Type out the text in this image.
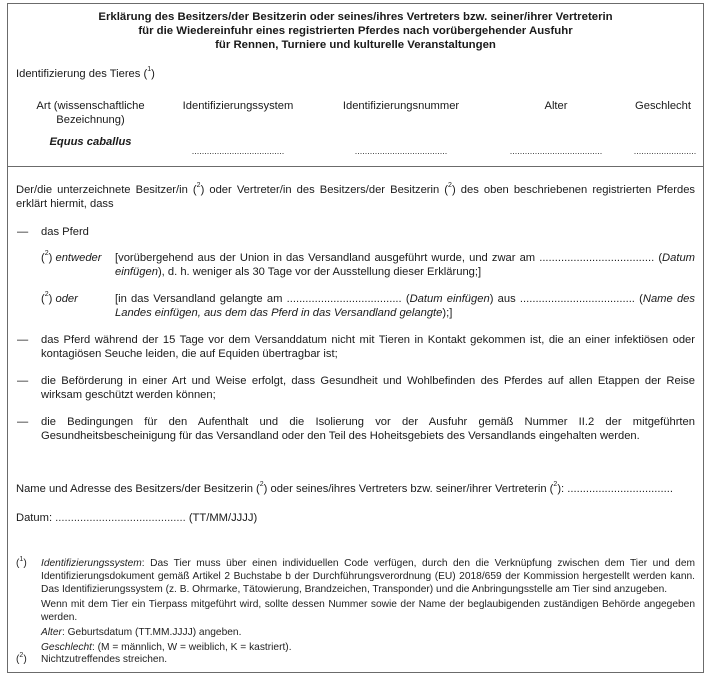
Erklärung des Besitzers/der Besitzerin oder seines/ihres Vertreters bzw. seiner/ihrer Vertreterin
für die Wiedereinfuhr eines registrierten Pferdes nach vorübergehender Ausfuhr
für Rennen, Turniere und kulturelle Veranstaltungen
Identifizierung des Tieres ($^1$)
Art (wissenschaftliche
Bezeichnung)
Equus caballus
Identifizierungssystem
.....................................
Identifizierungsnummer
.....................................
Alter
.....................................
Geschlecht
.........................
Der/die unterzeichnete Besitzer/in ($^2$) oder Vertreter/in des Besitzers/der Besitzerin ($^2$) des oben beschriebenen registrierten Pferdes erklärt hiermit, dass
— das Pferd
($^2$) entweder [vorübergehend aus der Union in das Versandland ausgeführt wurde, und zwar am ..................................... (Datum einfügen), d. h. weniger als 30 Tage vor der Ausstellung dieser Erklärung;]
($^2$) oder	[in das Versandland gelangte am ..................................... (Datum einfügen) aus ..................................... (Name des Landes einfügen, aus dem das Pferd in das Versandland gelangte);]
— das Pferd während der 15 Tage vor dem Versanddatum nicht mit Tieren in Kontakt gekommen ist, die an einer infektiösen oder kontagiösen Seuche leiden, die auf Equiden übertragbar ist;
— die Beförderung in einer Art und Weise erfolgt, dass Gesundheit und Wohlbefinden des Pferdes auf allen Etappen der Reise wirksam geschützt werden können;
— die Bedingungen für den Aufenthalt und die Isolierung vor der Ausfuhr gemäß Nummer II.2 der mitgeführten Gesundheitsbescheinigung für das Versandland oder den Teil des Hoheitsgebiets des Versandlands eingehalten werden.
Name und Adresse des Besitzers/der Besitzerin ($^2$) oder seines/ihres Vertreters bzw. seiner/ihrer Vertreterin ($^2$): ..................................
Datum: .......................................... (TT/MM/JJJJ)
($^1$) Identifizierungssystem: Das Tier muss über einen individuellen Code verfügen, durch den die Verknüpfung zwischen dem Tier und dem Identifizierungsdokument gemäß Artikel 2 Buchstabe b der Durchführungsverordnung (EU) 2018/659 der Kommission hergestellt werden kann. Das Identifizierungssystem (z. B. Ohrmarke, Tätowierung, Brandzeichen, Transponder) und die Anbringungsstelle am Tier sind anzugeben.
Wenn mit dem Tier ein Tierpass mitgeführt wird, sollte dessen Nummer sowie der Name der beglaubigenden zuständigen Behörde angegeben werden.
Alter: Geburtsdatum (TT.MM.JJJJ) angeben.
Geschlecht: (M = männlich, W = weiblich, K = kastriert).
($^2$) Nichtzutreffendes streichen.
